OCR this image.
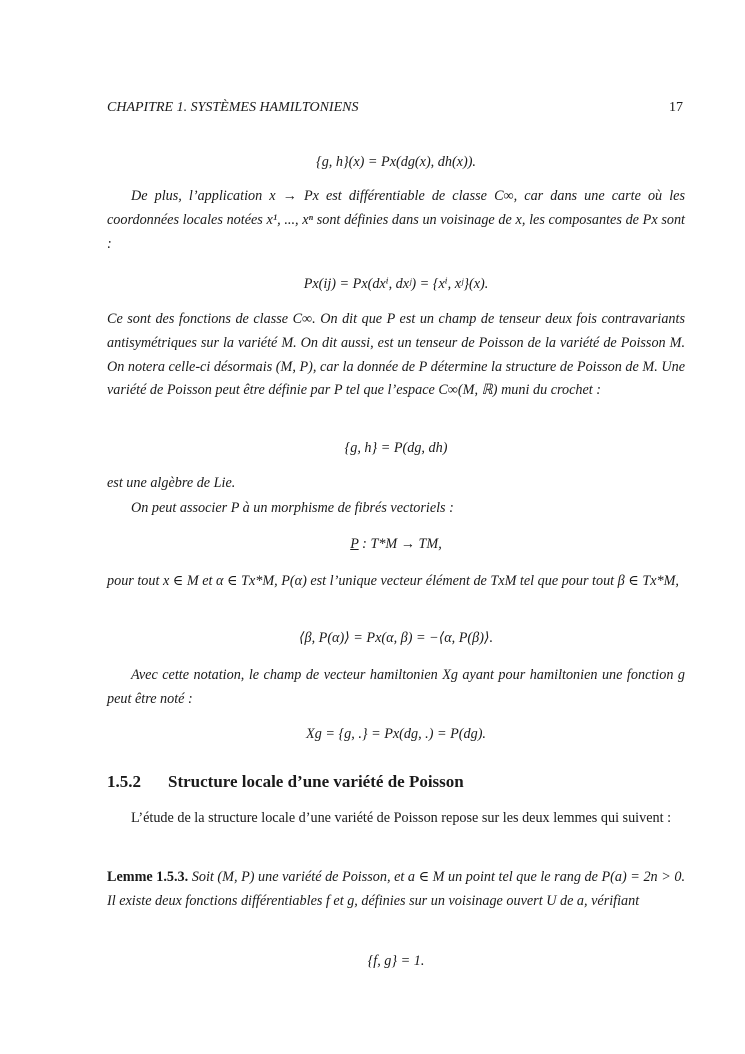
CHAPITRE 1. SYSTÈMES HAMILTONIENS	17
{g, h}(x) = Px(dg(x), dh(x)).
De plus, l’application x → Px est différentiable de classe C∞, car dans une carte où les coordonnées locales notées x¹, ..., xⁿ sont définies dans un voisinage de x, les composantes de Px sont :
Px(ij) = Px(dxⁱ, dxʲ) = {xⁱ, xʲ}(x).
Ce sont des fonctions de classe C∞. On dit que P est un champ de tenseur deux fois contravariants antisymétriques sur la variété M. On dit aussi, est un tenseur de Poisson de la variété de Poisson M. On notera celle-ci désormais (M, P), car la donnée de P détermine la structure de Poisson de M. Une variété de Poisson peut être définie par P tel que l’espace C∞(M, ℝ) muni du crochet :
{g, h} = P(dg, dh)
est une algèbre de Lie.
On peut associer P à un morphisme de fibrés vectoriels :
P : T*M → TM,
pour tout x ∈ M et α ∈ Tx*M, P(α) est l’unique vecteur élément de TxM tel que pour tout β ∈ Tx*M,
⟨β, P(α)⟩ = Px(α, β) = −⟨α, P(β)⟩.
Avec cette notation, le champ de vecteur hamiltonien Xg ayant pour hamiltonien une fonction g peut être noté :
Xg = {g, .} = Px(dg, .) = P(dg).
1.5.2 Structure locale d’une variété de Poisson
L’étude de la structure locale d’une variété de Poisson repose sur les deux lemmes qui suivent :
Lemme 1.5.3. Soit (M, P) une variété de Poisson, et a ∈ M un point tel que le rang de P(a) = 2n > 0. Il existe deux fonctions différentiables f et g, définies sur un voisinage ouvert U de a, vérifiant
{f, g} = 1.
